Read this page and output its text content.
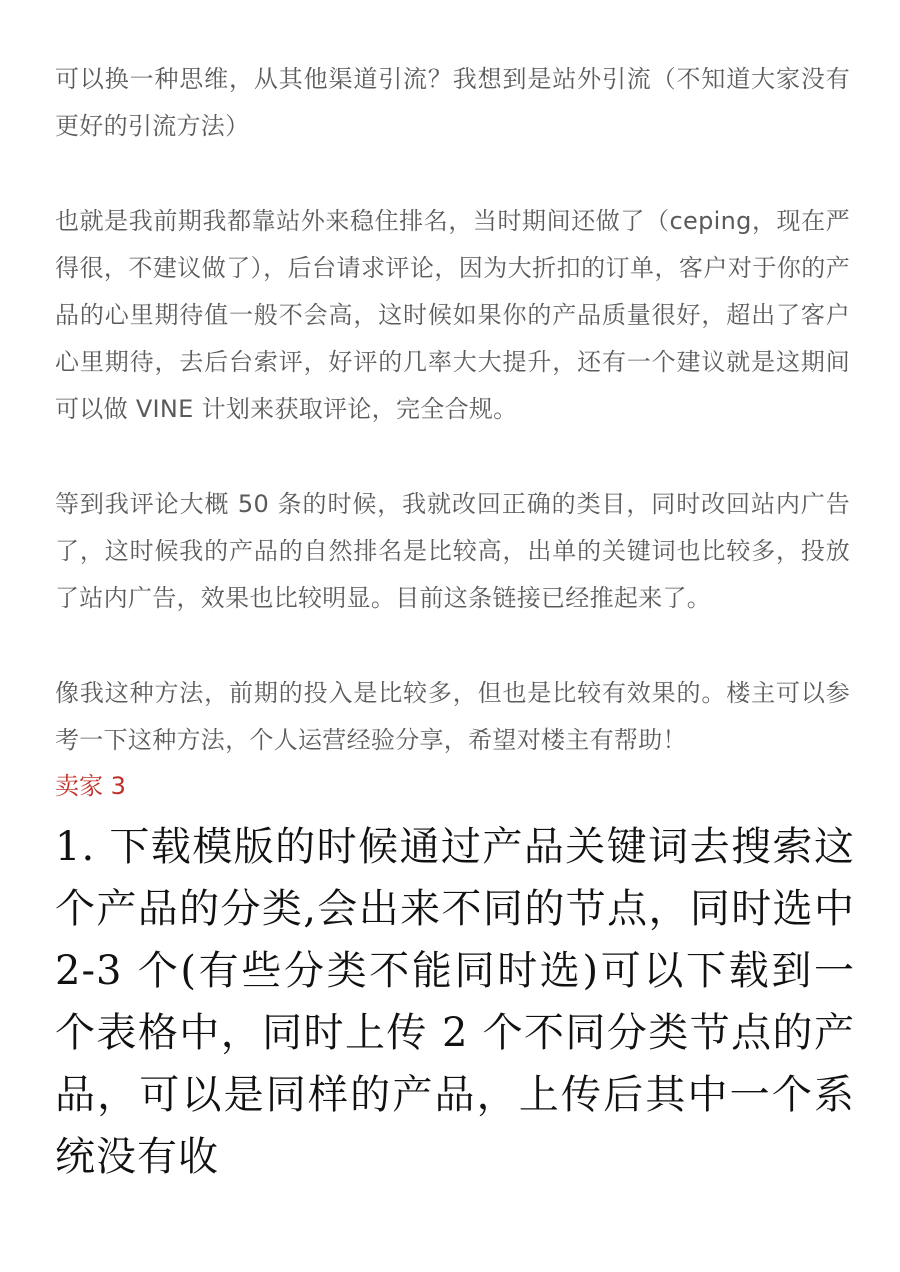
可以换一种思维，从其他渠道引流？我想到是站外引流（不知道大家没有更好的引流方法）

也就是我前期我都靠站外来稳住排名，当时期间还做了（ceping，现在严得很，不建议做了），后台请求评论，因为大折扣的订单，客户对于你的产品的心里期待值一般不会高，这时候如果你的产品质量很好，超出了客户心里期待，去后台索评，好评的几率大大提升，还有一个建议就是这期间可以做 VINE 计划来获取评论，完全合规。

等到我评论大概 50 条的时候，我就改回正确的类目，同时改回站内广告了，这时候我的产品的自然排名是比较高，出单的关键词也比较多，投放了站内广告，效果也比较明显。目前这条链接已经推起来了。

像我这种方法，前期的投入是比较多，但也是比较有效果的。楼主可以参考一下这种方法，个人运营经验分享，希望对楼主有帮助！

卖家 3

1. 下载模版的时候通过产品关键词去搜索这个产品的分类,会出来不同的节点，同时选中 2-3 个(有些分类不能同时选)可以下载到一个表格中，同时上传 2 个不同分类节点的产品，可以是同样的产品，上传后其中一个系统没有收
